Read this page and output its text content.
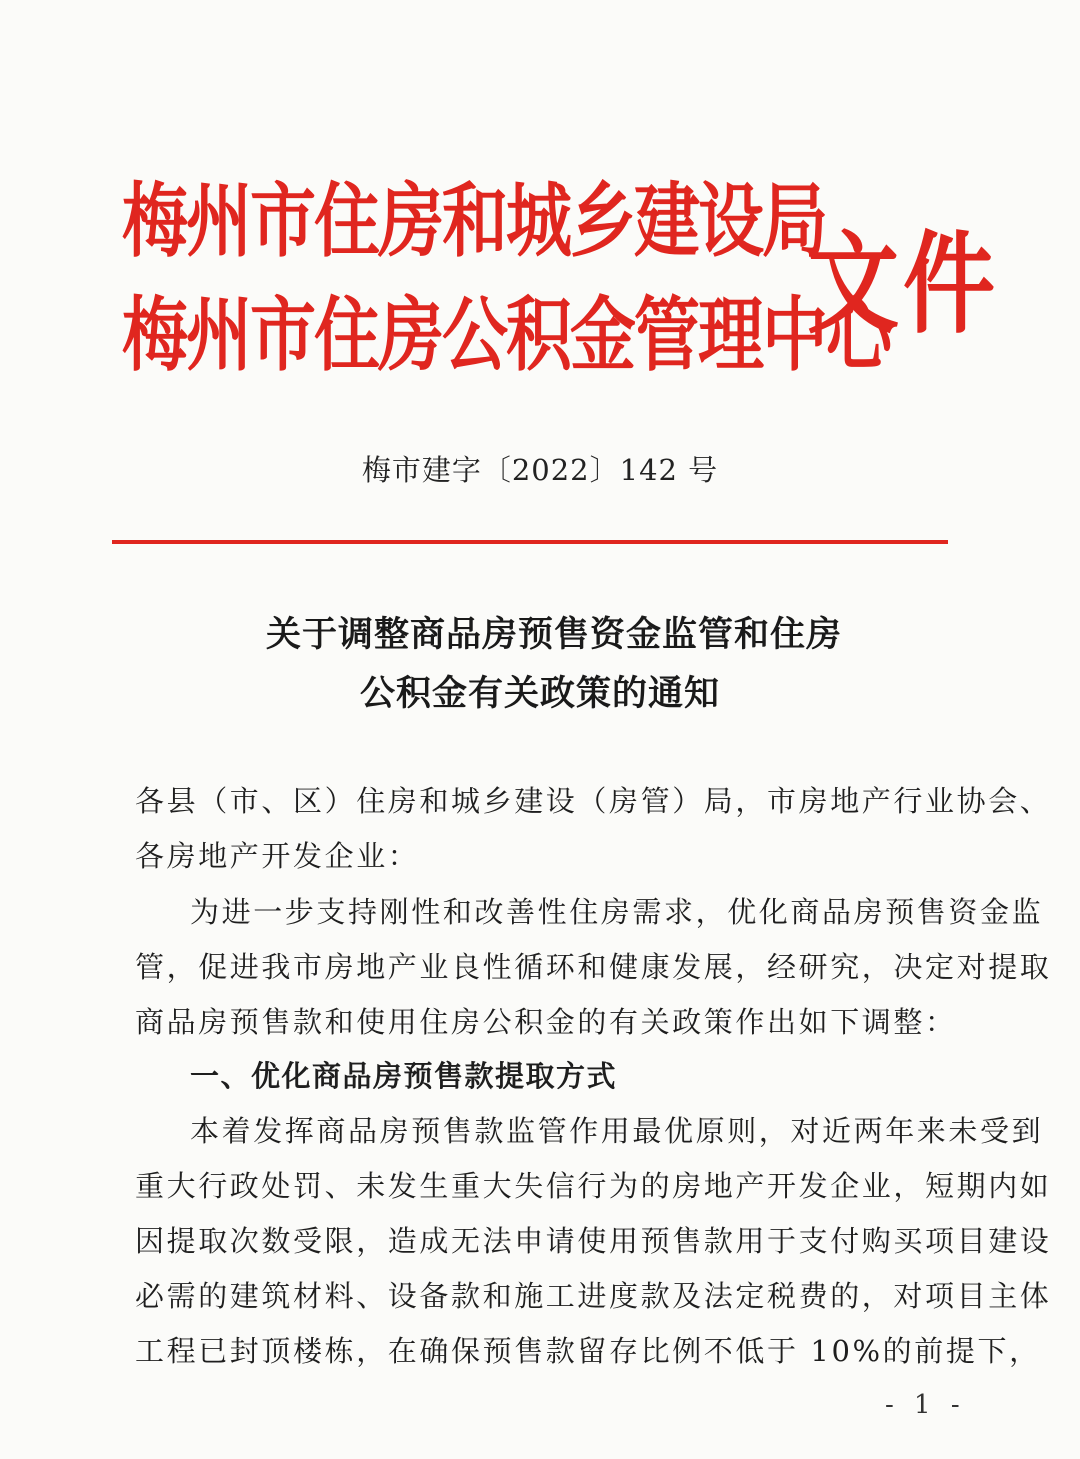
梅州市住房和城乡建设局
梅州市住房公积金管理中心
文件
梅市建字〔2022〕142 号
关于调整商品房预售资金监管和住房
公积金有关政策的通知
各县（市、区）住房和城乡建设（房管）局，市房地产行业协会、
各房地产开发企业：
为进一步支持刚性和改善性住房需求，优化商品房预售资金监
管，促进我市房地产业良性循环和健康发展，经研究，决定对提取
商品房预售款和使用住房公积金的有关政策作出如下调整：
一、优化商品房预售款提取方式
本着发挥商品房预售款监管作用最优原则，对近两年来未受到
重大行政处罚、未发生重大失信行为的房地产开发企业，短期内如
因提取次数受限，造成无法申请使用预售款用于支付购买项目建设
必需的建筑材料、设备款和施工进度款及法定税费的，对项目主体
工程已封顶楼栋，在确保预售款留存比例不低于 10%的前提下，
- 1 -
